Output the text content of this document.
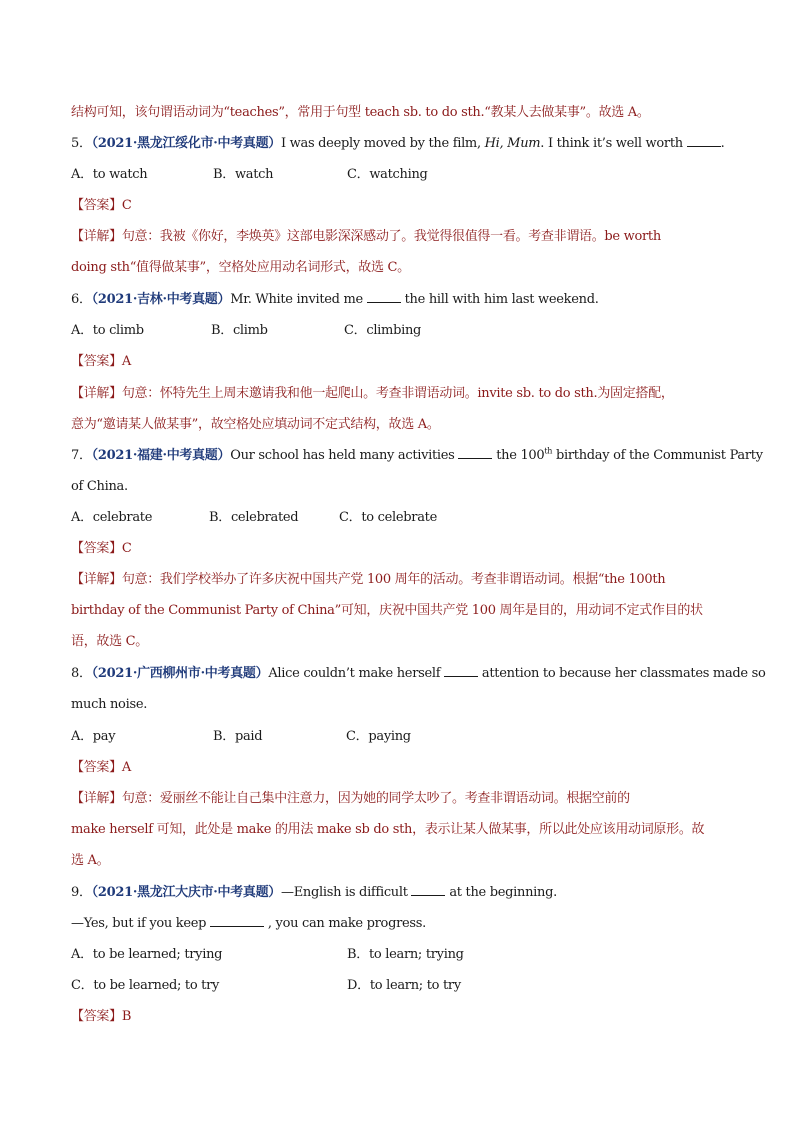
结构可知，该句谓语动词为“teaches”，常用于句型 teach sb. to do sth.“教某人去做某事”。故选 A。
5．（2021·黑龙江绥化市·中考真题）I was deeply moved by the film, Hi, Mum. I think it’s well worth	.
A．to watch	B．watch	C．watching
【答案】C
【详解】句意：我被《你好，李焕英》这部电影深深感动了。我觉得很值得一看。考查非谓语。be worth
doing sth“值得做某事”，空格处应用动名词形式，故选 C。
6．（2021·吉林·中考真题）Mr. White invited me	the hill with him last weekend.
A．to climb	B．climb	C．climbing
【答案】A
【详解】句意：怀特先生上周末邀请我和他一起爬山。考查非谓语动词。invite sb. to do sth.为固定搭配，
意为“邀请某人做某事”，故空格处应填动词不定式结构，故选 A。
7．（2021·福建·中考真题）Our school has held many activities	the 100th birthday of the Communist Party
of China.
A．celebrate	B．celebrated	C．to celebrate
【答案】C
【详解】句意：我们学校举办了许多庆祝中国共产党 100 周年的活动。考查非谓语动词。根据“the 100th
birthday of the Communist Party of China”可知，庆祝中国共产党 100 周年是目的，用动词不定式作目的状
语，故选 C。
8．（2021·广西柳州市·中考真题）Alice couldn’t make herself	attention to because her classmates made so
much noise.
A．pay	B．paid	C．paying
【答案】A
【详解】句意：爱丽丝不能让自己集中注意力，因为她的同学太吵了。考查非谓语动词。根据空前的
make herself 可知，此处是 make 的用法 make sb do sth，表示让某人做某事，所以此处应该用动词原形。故
选 A。
9．（2021·黑龙江大庆市·中考真题）—English is difficult	at the beginning.
—Yes, but if you keep	, you can make progress.
A．to be learned; trying	B．to learn; trying
C．to be learned; to try	D．to learn; to try
【答案】B
